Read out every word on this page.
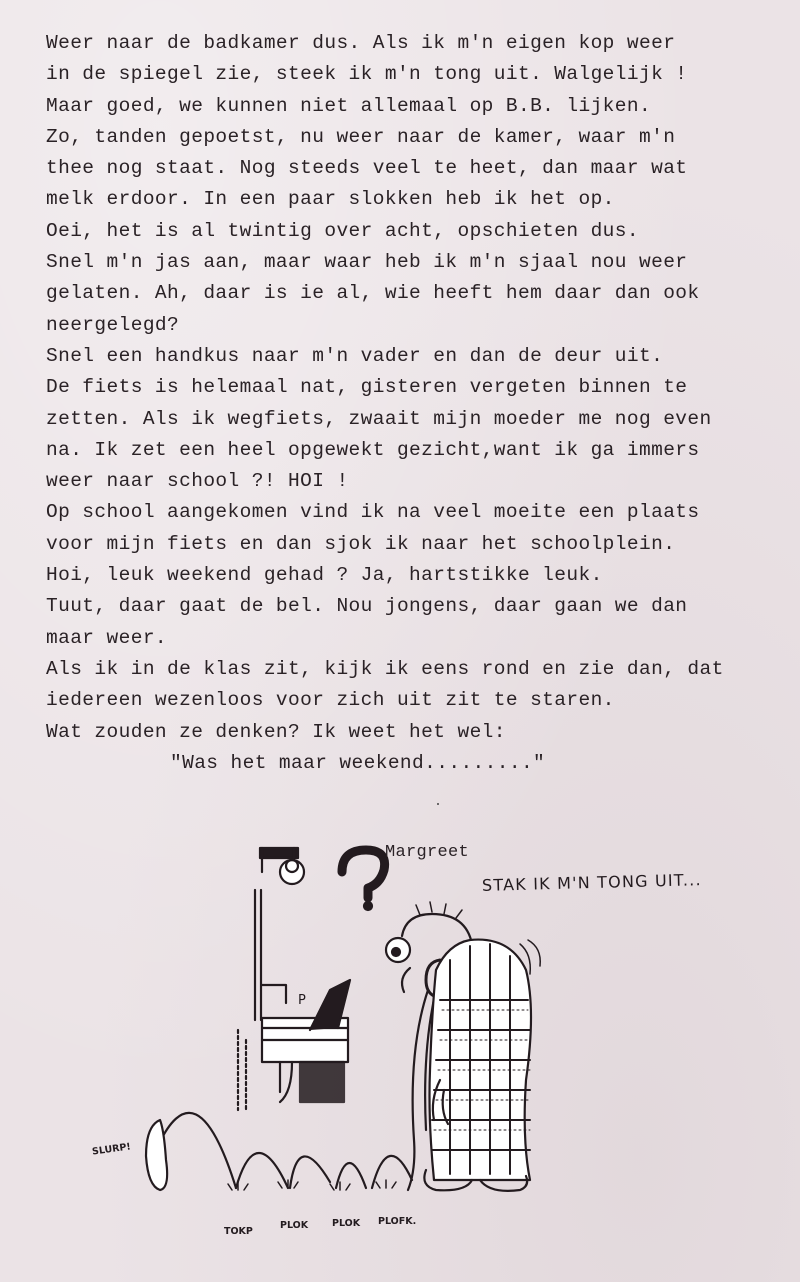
Weer naar de badkamer dus. Als ik m'n eigen kop weer
in de spiegel zie, steek ik m'n tong uit. Walgelijk !
Maar goed, we kunnen niet allemaal op B.B. lijken.
Zo, tanden gepoetst, nu weer naar de kamer, waar m'n
thee nog staat. Nog steeds veel te heet, dan maar wat
melk erdoor. In een paar slokken heb ik het op.
Oei, het is al twintig over acht, opschieten dus.
Snel m'n jas aan, maar waar heb ik m'n sjaal nou weer
gelaten. Ah, daar is ie al, wie heeft hem daar dan ook
neergelegd?
Snel een handkus naar m'n vader en dan de deur uit.
De fiets is helemaal nat, gisteren vergeten binnen te
zetten. Als ik wegfiets, zwaait mijn moeder me nog even
na. Ik zet een heel opgewekt gezicht,want ik ga immers
weer naar school ?! HOI !
Op school aangekomen vind ik na veel moeite een plaats
voor mijn fiets en dan sjok ik naar het schoolplein.
Hoi, leuk weekend gehad ? Ja, hartstikke leuk.
Tuut, daar gaat de bel. Nou jongens, daar gaan we dan
maar weer.
Als ik in de klas zit, kijk ik eens rond en zie dan, dat
iedereen wezenloos voor zich uit zit te staren.
Wat zouden ze denken? Ik weet het wel:
"Was het maar weekend........."
P
Margreet
STAK IK M'N TONG UIT...
SLURP!
TOKP
PLOK	PLOK PLOFK.
